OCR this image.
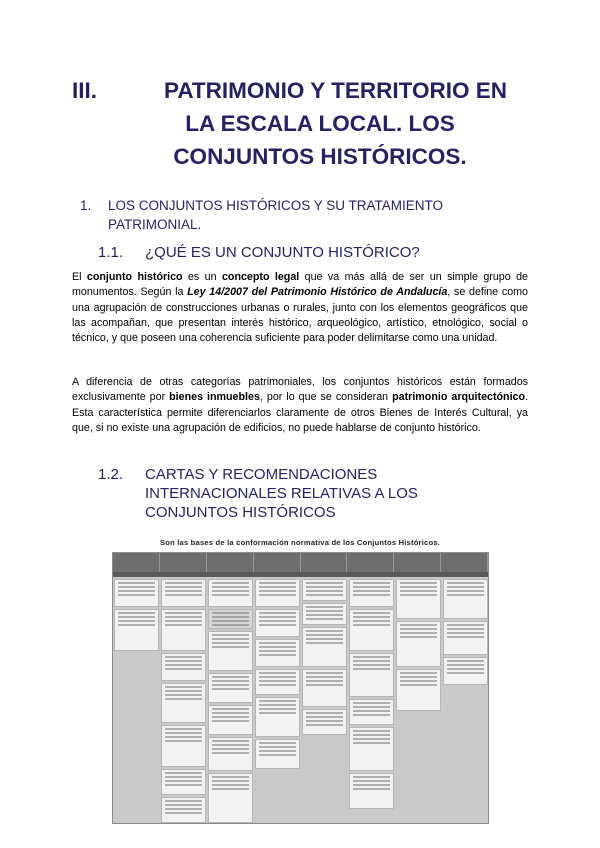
III.	PATRIMONIO Y TERRITORIO EN
LA ESCALA LOCAL. LOS
CONJUNTOS HISTÓRICOS.
1.	LOS CONJUNTOS HISTÓRICOS Y SU TRATAMIENTO
PATRIMONIAL.
1.1.	¿QUÉ ES UN CONJUNTO HISTÓRICO?

El conjunto histórico es un concepto legal que va más allá de ser un simple grupo de monumentos. Según la Ley 14/2007 del Patrimonio Histórico de Andalucía, se define como una agrupación de construcciones urbanas o rurales, junto con los elementos geográficos que las acompañan, que presentan interés histórico, arqueológico, artístico, etnológico, social o técnico, y que poseen una coherencia suficiente para poder delimitarse como una unidad.

A diferencia de otras categorías patrimoniales, los conjuntos históricos están formados exclusivamente por bienes inmuebles, por lo que se consideran patrimonio arquitectónico. Esta característica permite diferenciarlos claramente de otros Bienes de Interés Cultural, ya que, si no existe una agrupación de edificios, no puede hablarse de conjunto histórico.

1.2.	CARTAS Y RECOMENDACIONES
INTERNACIONALES RELATIVAS A LOS
CONJUNTOS HISTÓRICOS
Son las bases de la conformación normativa de los Conjuntos Históricos.
